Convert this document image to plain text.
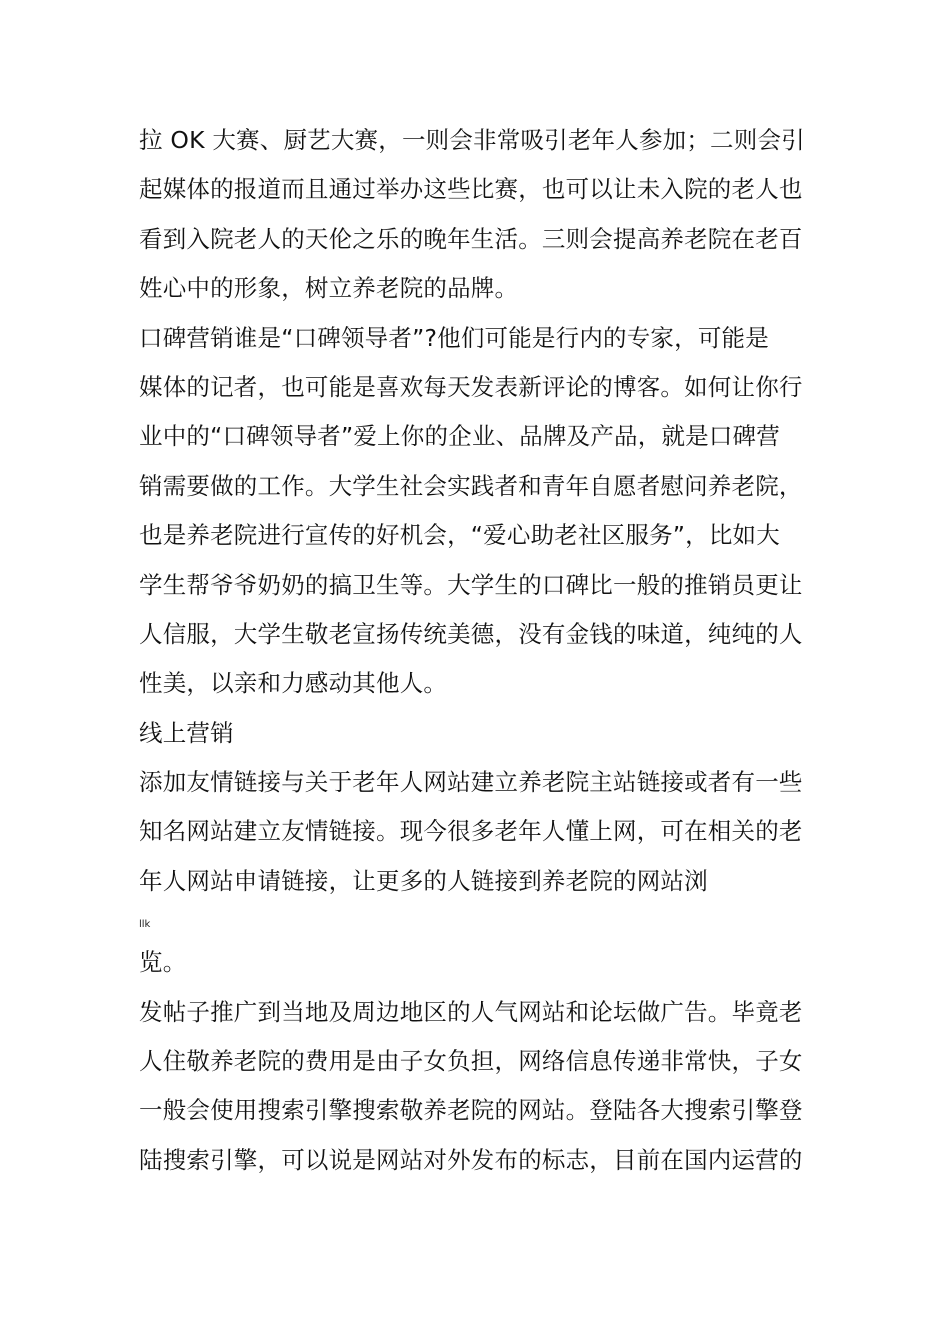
拉 OK 大赛、厨艺大赛，一则会非常吸引老年人参加；二则会引
起媒体的报道而且通过举办这些比赛，也可以让未入院的老人也
看到入院老人的天伦之乐的晚年生活。三则会提高养老院在老百
姓心中的形象，树立养老院的品牌。
口碑营销谁是“口碑领导者”?他们可能是行内的专家，可能是
媒体的记者，也可能是喜欢每天发表新评论的博客。如何让你行
业中的“口碑领导者”爱上你的企业、品牌及产品，就是口碑营
销需要做的工作。大学生社会实践者和青年自愿者慰问养老院，
也是养老院进行宣传的好机会，“爱心助老社区服务”，比如大
学生帮爷爷奶奶的搞卫生等。大学生的口碑比一般的推销员更让
人信服，大学生敬老宣扬传统美德，没有金钱的味道，纯纯的人
性美，以亲和力感动其他人。
线上营销
添加友情链接与关于老年人网站建立养老院主站链接或者有一些
知名网站建立友情链接。现今很多老年人懂上网，可在相关的老
年人网站申请链接，让更多的人链接到养老院的网站浏
llk
览。
发帖子推广到当地及周边地区的人气网站和论坛做广告。毕竟老
人住敬养老院的费用是由子女负担，网络信息传递非常快，子女
一般会使用搜索引擎搜索敬养老院的网站。登陆各大搜索引擎登
陆搜索引擎，可以说是网站对外发布的标志，目前在国内运营的
